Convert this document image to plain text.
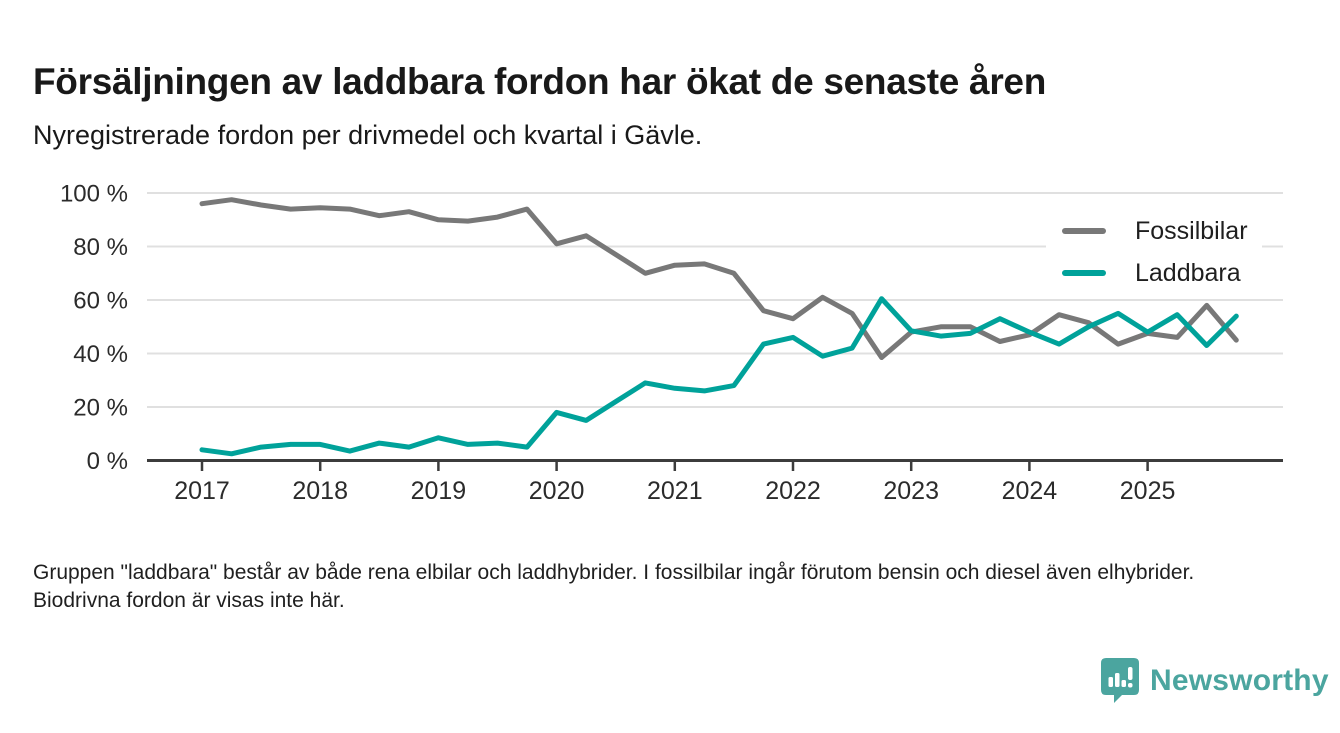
Försäljningen av laddbara fordon har ökat de senaste åren
Nyregistrerade fordon per drivmedel och kvartal i Gävle.
0 %
20 %
40 %
60 %
80 %
100 %
2017	2018	2019	2020	2021	2022	2023	2024	2025
Fossilbilar
Laddbara
Gruppen "laddbara" består av både rena elbilar och laddhybrider. I fossilbilar ingår förutom bensin och diesel även elhybrider. Biodrivna fordon är visas inte här.
Newsworthy
